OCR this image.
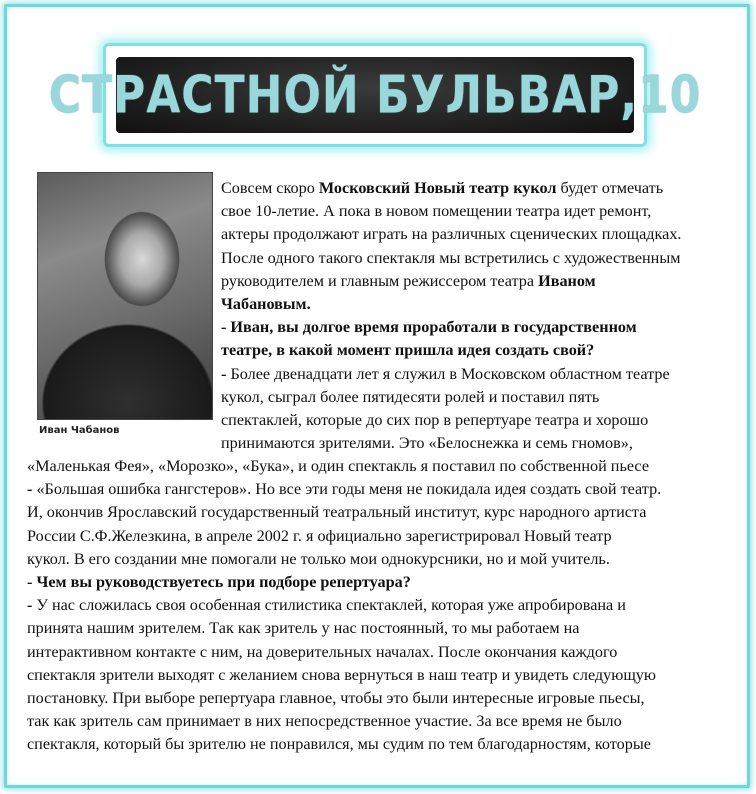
СТРАСТНОЙ БУЛЬВАР,10
Иван Чабанов
Совсем скоро Московский Новый театр кукол будет отмечать
свое 10-летие. А пока в новом помещении театра идет ремонт,
актеры продолжают играть на различных сценических площадках.
После одного такого спектакля мы встретились с художественным
руководителем и главным режиссером театра Иваном
Чабановым.
- Иван, вы долгое время проработали в государственном
театре, в какой момент пришла идея создать свой?
- Более двенадцати лет я служил в Московском областном театре
кукол, сыграл более пятидесяти ролей и поставил пять
спектаклей, которые до сих пор в репертуаре театра и хорошо
принимаются зрителями. Это «Белоснежка и семь гномов»,
«Маленькая Фея», «Морозко», «Бука», и один спектакль я поставил по собственной пьесе
- «Большая ошибка гангстеров». Но все эти годы меня не покидала идея создать свой театр.
И, окончив Ярославский государственный театральный институт, курс народного артиста
России С.Ф.Железкина, в апреле 2002 г. я официально зарегистрировал Новый театр
кукол. В его создании мне помогали не только мои однокурсники, но и мой учитель.
- Чем вы руководствуетесь при подборе репертуара?
- У нас сложилась своя особенная стилистика спектаклей, которая уже апробирована и
принята нашим зрителем. Так как зритель у нас постоянный, то мы работаем на
интерактивном контакте с ним, на доверительных началах. После окончания каждого
спектакля зрители выходят с желанием снова вернуться в наш театр и увидеть следующую
постановку. При выборе репертуара главное, чтобы это были интересные игровые пьесы,
так как зритель сам принимает в них непосредственное участие. За все время не было
спектакля, который бы зрителю не понравился, мы судим по тем благодарностям, которые
